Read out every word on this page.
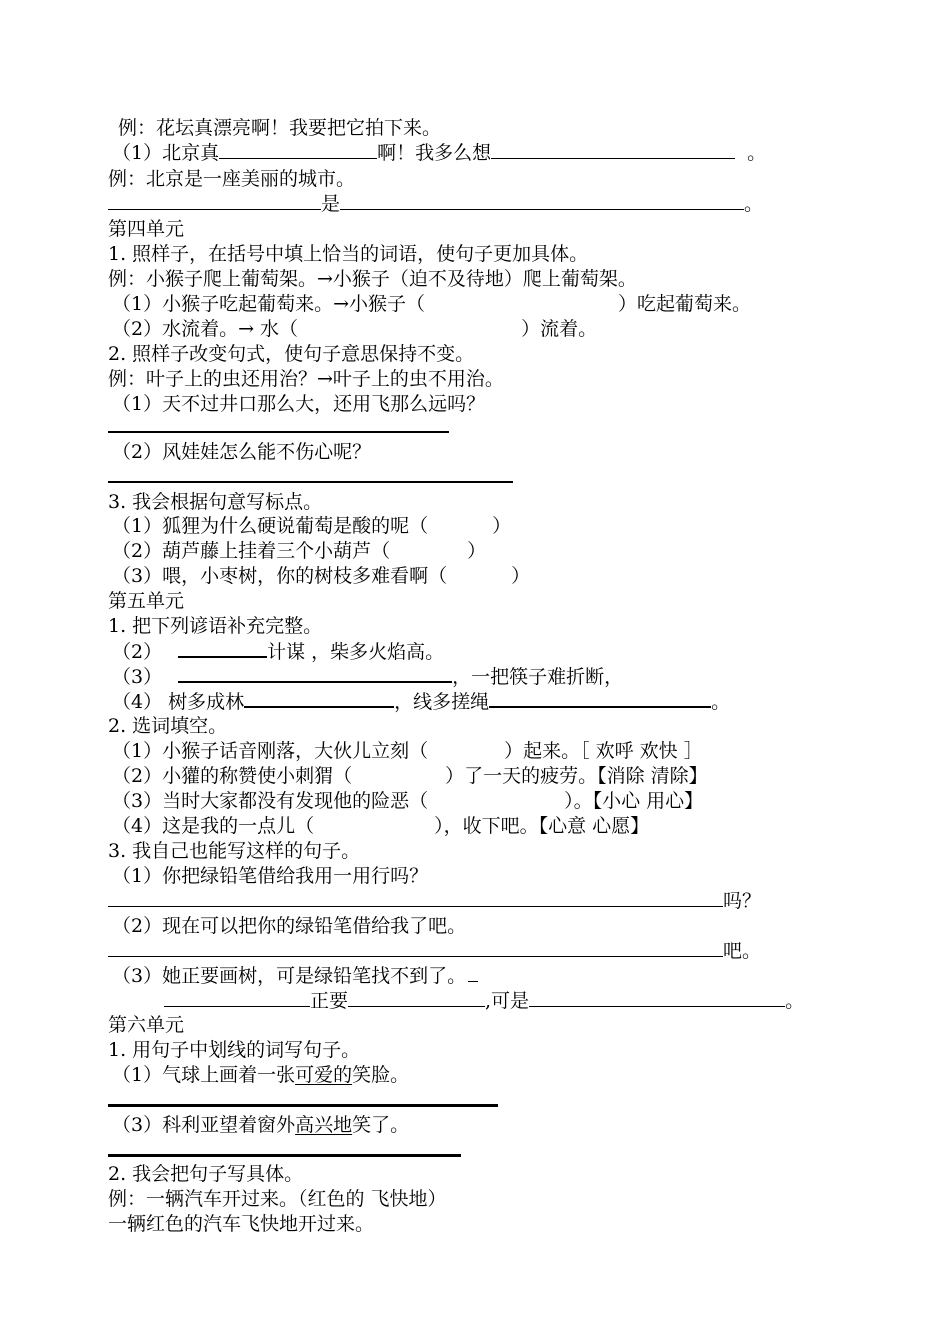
例：花坛真漂亮啊！我要把它拍下来。
（1）北京真	啊！我多么想	。
例：北京是一座美丽的城市。
是	。
第四单元
1. 照样子，在括号中填上恰当的词语，使句子更加具体。
例：小猴子爬上葡萄架。→小猴子（迫不及待地）爬上葡萄架。
（1）小猴子吃起葡萄来。→小猴子（	）吃起葡萄来。
（2）水流着。→ 水（	）流着。
2. 照样子改变句式，使句子意思保持不变。
例：叶子上的虫还用治？→叶子上的虫不用治。
（1）天不过井口那么大，还用飞那么远吗？
（2）风娃娃怎么能不伤心呢？
3. 我会根据句意写标点。
（1）狐狸为什么硬说葡萄是酸的呢（	）
（2）葫芦藤上挂着三个小葫芦（	）
（3）喂，小枣树，你的树枝多难看啊（	）
第五单元
1. 把下列谚语补充完整。
（2）	计谋 ，柴多火焰高。
（3）	，一把筷子难折断，
（4） 树多成林	，线多搓绳	。
2. 选词填空。
（1）小猴子话音刚落，大伙儿立刻（	）起来。［ 欢呼 欢快 ］
（2）小獾的称赞使小刺猬（	）了一天的疲劳。【消除 清除】
（3）当时大家都没有发现他的险恶（	）。【小心 用心】
（4）这是我的一点儿（	），收下吧。【心意 心愿】
3. 我自己也能写这样的句子。
（1）你把绿铅笔借给我用一用行吗？
吗？
（2）现在可以把你的绿铅笔借给我了吧。
吧。
（3）她正要画树，可是绿铅笔找不到了。
正要	,可是	。
第六单元
1. 用句子中划线的词写句子。
（1）气球上画着一张可爱的笑脸。
（3）科利亚望着窗外高兴地笑了。
2. 我会把句子写具体。
例：一辆汽车开过来。（红色的 飞快地）
一辆红色的汽车飞快地开过来。
